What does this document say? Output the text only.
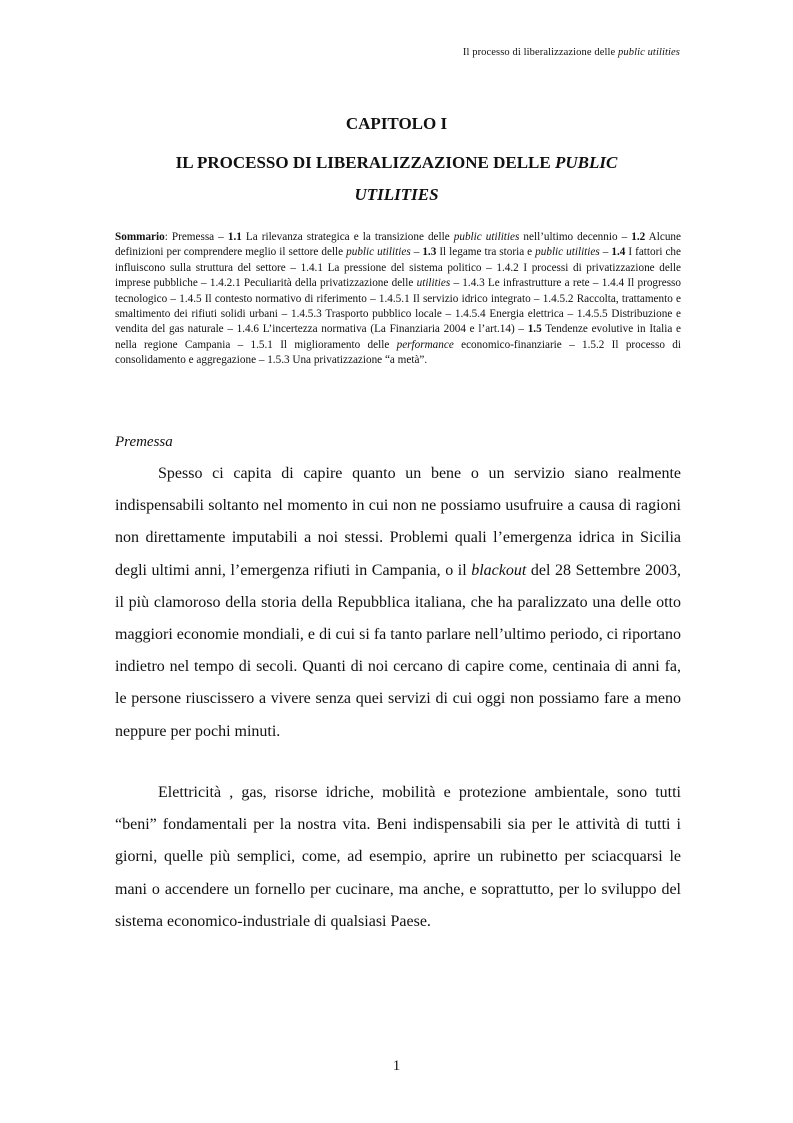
Il processo di liberalizzazione delle public utilities
CAPITOLO I
IL PROCESSO DI LIBERALIZZAZIONE DELLE PUBLIC
UTILITIES
Sommario: Premessa – 1.1 La rilevanza strategica e la transizione delle public utilities nell’ultimo decennio – 1.2 Alcune definizioni per comprendere meglio il settore delle public utilities – 1.3 Il legame tra storia e public utilities – 1.4 I fattori che influiscono sulla struttura del settore – 1.4.1 La pressione del sistema politico – 1.4.2 I processi di privatizzazione delle imprese pubbliche – 1.4.2.1 Peculiarità della privatizzazione delle utilities – 1.4.3 Le infrastrutture a rete – 1.4.4 Il progresso tecnologico – 1.4.5 Il contesto normativo di riferimento – 1.4.5.1 Il servizio idrico integrato – 1.4.5.2 Raccolta, trattamento e smaltimento dei rifiuti solidi urbani – 1.4.5.3 Trasporto pubblico locale – 1.4.5.4 Energia elettrica – 1.4.5.5 Distribuzione e vendita del gas naturale – 1.4.6 L’incertezza normativa (La Finanziaria 2004 e l’art.14) – 1.5 Tendenze evolutive in Italia e nella regione Campania – 1.5.1 Il miglioramento delle performance economico-finanziarie – 1.5.2 Il processo di consolidamento e aggregazione – 1.5.3 Una privatizzazione “a metà”.
Premessa

Spesso ci capita di capire quanto un bene o un servizio siano realmente indispensabili soltanto nel momento in cui non ne possiamo usufruire a causa di ragioni non direttamente imputabili a noi stessi. Problemi quali l’emergenza idrica in Sicilia degli ultimi anni, l’emergenza rifiuti in Campania, o il blackout del 28 Settembre 2003, il più clamoroso della storia della Repubblica italiana, che ha paralizzato una delle otto maggiori economie mondiali, e di cui si fa tanto parlare nell’ultimo periodo, ci riportano indietro nel tempo di secoli. Quanti di noi cercano di capire come, centinaia di anni fa, le persone riuscissero a vivere senza quei servizi di cui oggi non possiamo fare a meno neppure per pochi minuti.

Elettricità , gas, risorse idriche, mobilità e protezione ambientale, sono tutti “beni” fondamentali per la nostra vita. Beni indispensabili sia per le attività di tutti i giorni, quelle più semplici, come, ad esempio, aprire un rubinetto per sciacquarsi le mani o accendere un fornello per cucinare, ma anche, e soprattutto, per lo sviluppo del sistema economico-industriale di qualsiasi Paese.

1
